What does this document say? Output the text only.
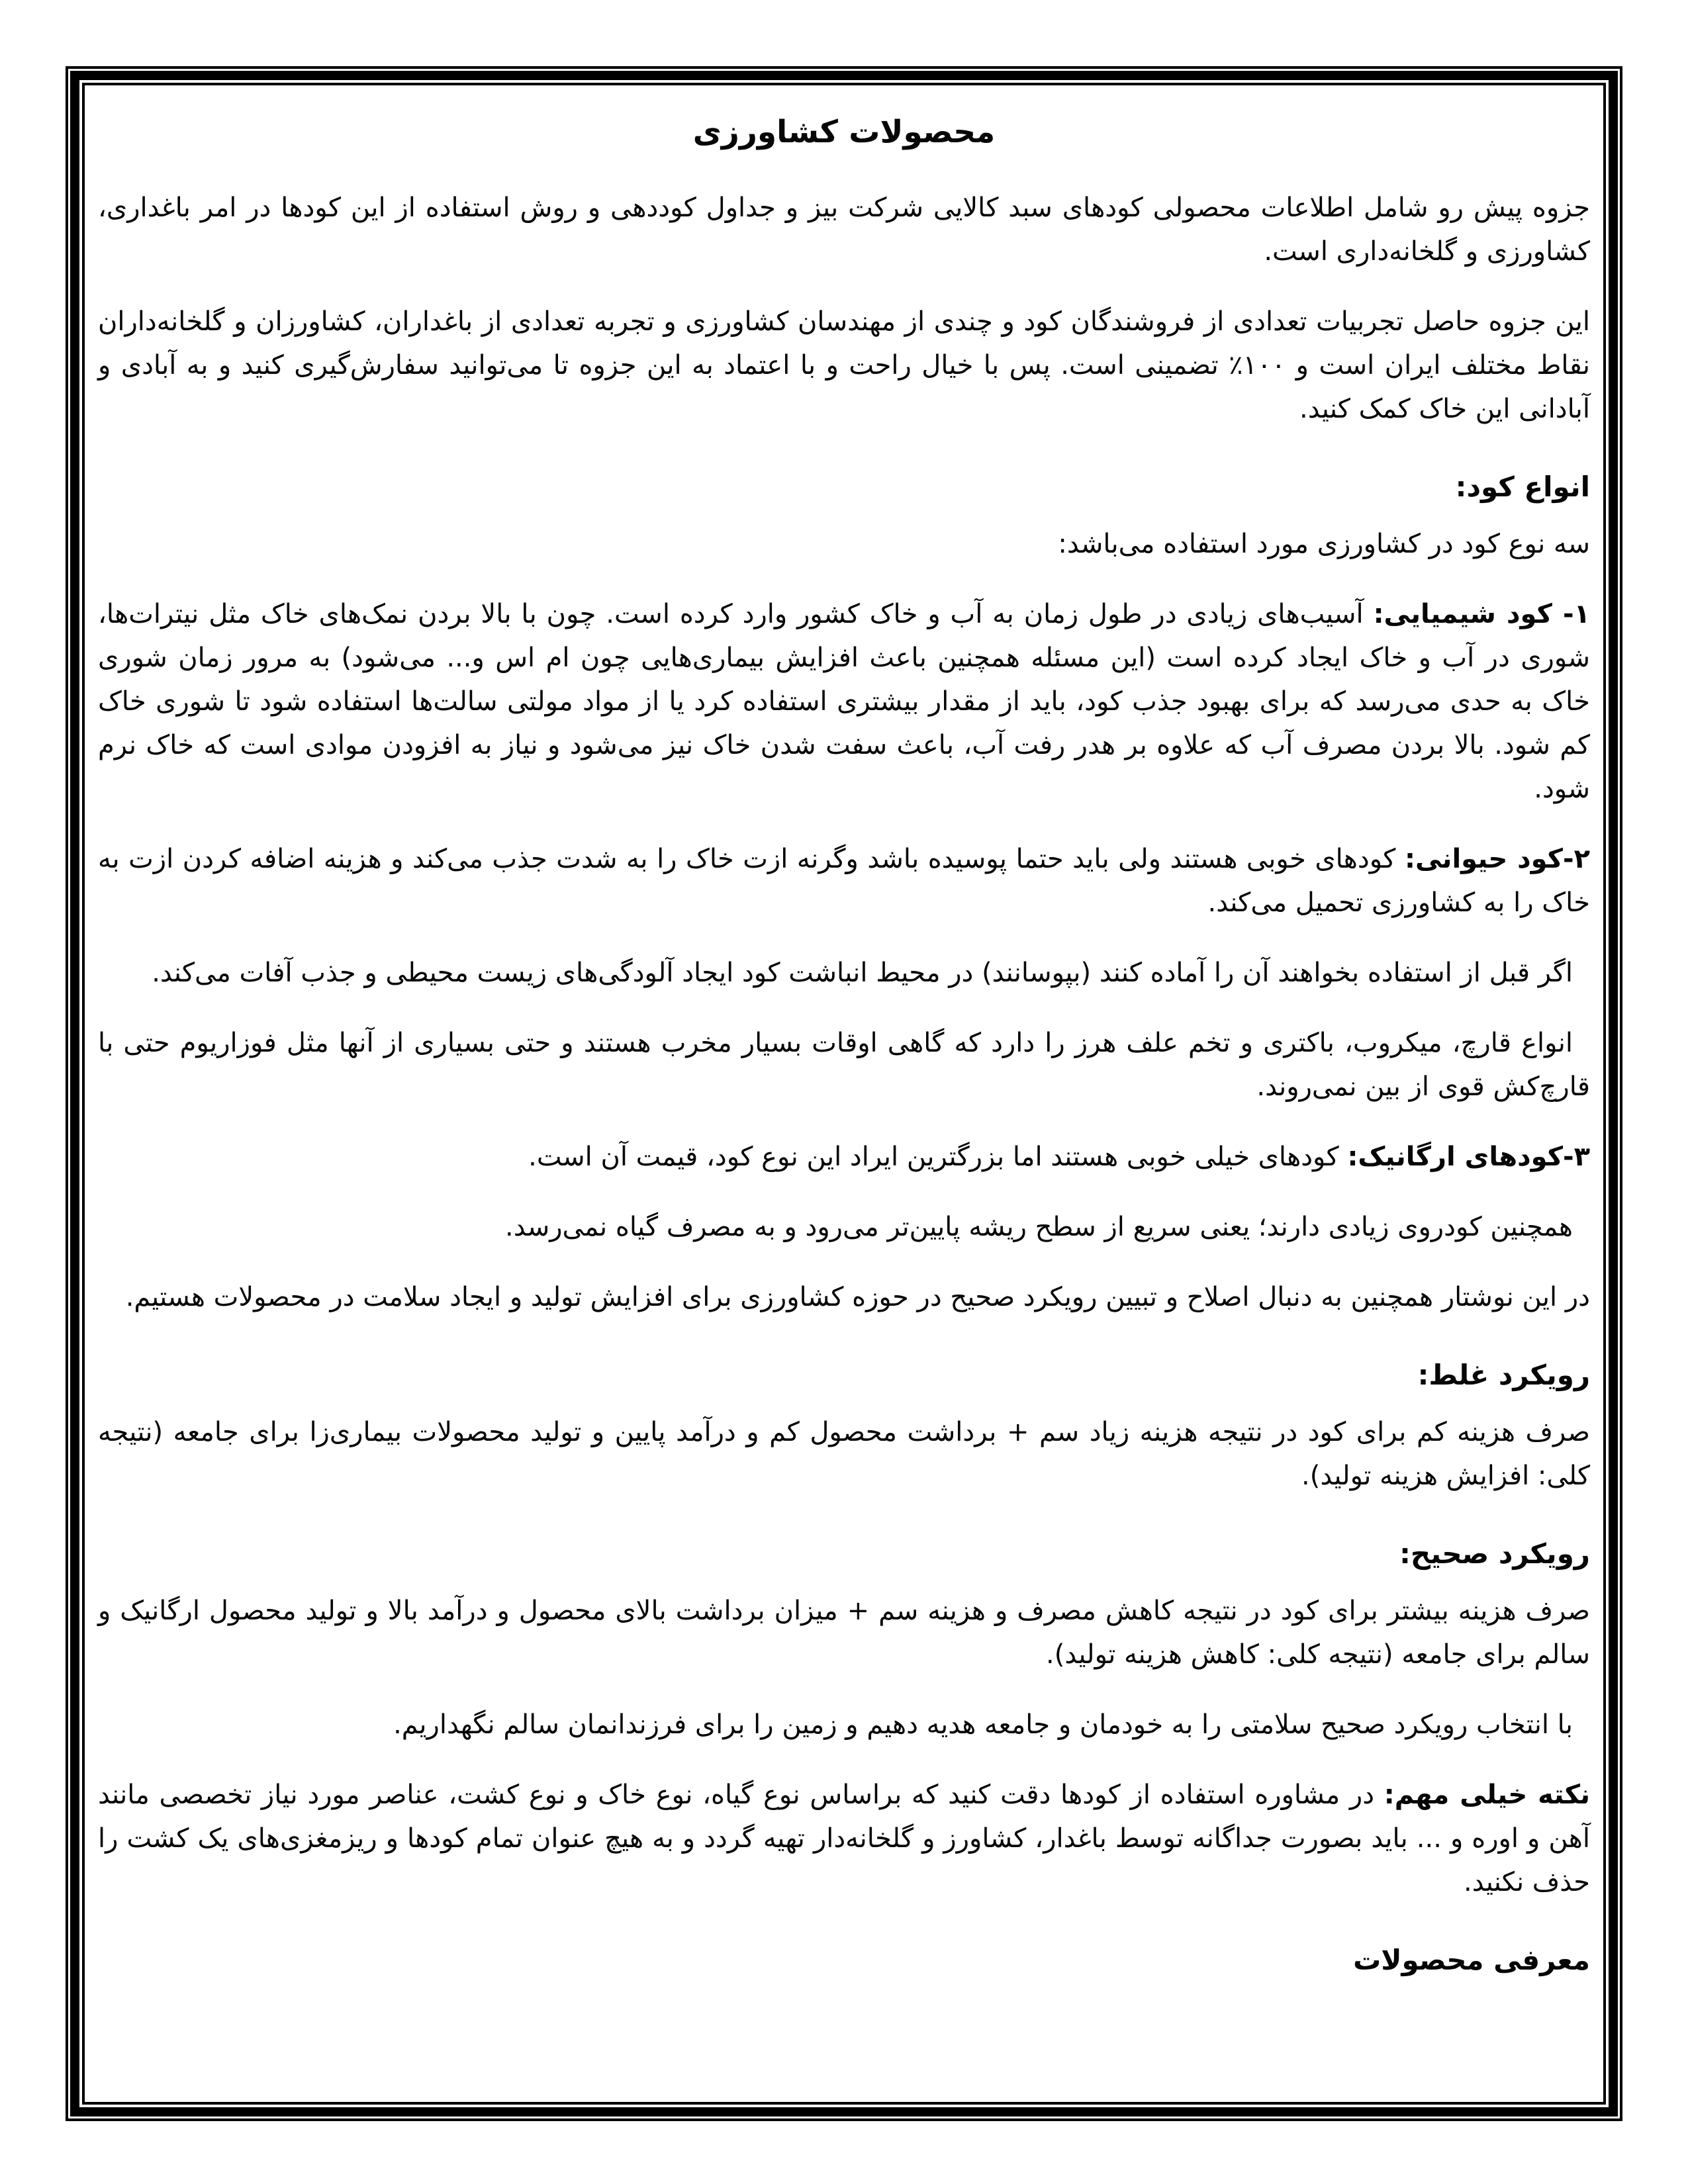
محصولات کشاورزی

جزوه پیش رو شامل اطلاعات محصولی کودهای سبد کالایی شرکت بیز و جداول کوددهی و روش استفاده از این کودها در امر باغداری، کشاورزی و گلخانه‌داری است.

این جزوه حاصل تجربیات تعدادی از فروشندگان کود و چندی از مهندسان کشاورزی و تجربه تعدادی از باغداران، کشاورزان و گلخانه‌داران نقاط مختلف ایران است و ۱۰۰٪ تضمینی است. پس با خیال راحت و با اعتماد به این جزوه تا می‌توانید سفارش‌گیری کنید و به آبادی و آبادانی این خاک کمک کنید.

انواع کود:

سه نوع کود در کشاورزی مورد استفاده می‌باشد:

۱- کود شیمیایی: آسیب‌های زیادی در طول زمان به آب و خاک کشور وارد کرده است. چون با بالا بردن نمک‌های خاک مثل نیترات‌ها، شوری در آب و خاک ایجاد کرده است (این مسئله همچنین باعث افزایش بیماری‌هایی چون ام اس و... می‌شود) به مرور زمان شوری خاک به حدی می‌رسد که برای بهبود جذب کود، باید از مقدار بیشتری استفاده کرد یا از مواد مولتی سالت‌ها استفاده شود تا شوری خاک کم شود. بالا بردن مصرف آب که علاوه بر هدر رفت آب، باعث سفت شدن خاک نیز می‌شود و نیاز به افزودن موادی است که خاک نرم شود.

۲-کود حیوانی: کودهای خوبی هستند ولی باید حتما پوسیده باشد وگرنه ازت خاک را به شدت جذب می‌کند و هزینه اضافه کردن ازت به خاک را به کشاورزی تحمیل می‌کند.

اگر قبل از استفاده بخواهند آن را آماده کنند (بپوسانند) در محیط انباشت کود ایجاد آلودگی‌های زیست محیطی و جذب آفات می‌کند.

انواع قارچ، میکروب، باکتری و تخم علف هرز را دارد که گاهی اوقات بسیار مخرب هستند و حتی بسیاری از آنها مثل فوزاریوم حتی با قارچ‌کش قوی از بین نمی‌روند.

۳-کودهای ارگانیک: کودهای خیلی خوبی هستند اما بزرگترین ایراد این نوع کود، قیمت آن است.

همچنین کودروی زیادی دارند؛ یعنی سریع از سطح ریشه پایین‌تر می‌رود و به مصرف گیاه نمی‌رسد.

در این نوشتار همچنین به دنبال اصلاح و تبیین رویکرد صحیح در حوزه کشاورزی برای افزایش تولید و ایجاد سلامت در محصولات هستیم.

رویکرد غلط:

صرف هزینه کم برای کود در نتیجه هزینه زیاد سم + برداشت محصول کم و درآمد پایین و تولید محصولات بیماری‌زا برای جامعه (نتیجه کلی: افزایش هزینه تولید).

رویکرد صحیح:

صرف هزینه بیشتر برای کود در نتیجه کاهش مصرف و هزینه سم + میزان برداشت بالای محصول و درآمد بالا و تولید محصول ارگانیک و سالم برای جامعه (نتیجه کلی: کاهش هزینه تولید).

با انتخاب رویکرد صحیح سلامتی را به خودمان و جامعه هدیه دهیم و زمین را برای فرزندانمان سالم نگهداریم.

نکته خیلی مهم: در مشاوره استفاده از کودها دقت کنید که براساس نوع گیاه، نوع خاک و نوع کشت، عناصر مورد نیاز تخصصی مانند آهن و اوره و ... باید بصورت جداگانه توسط باغدار، کشاورز و گلخانه‌دار تهیه گردد و به هیچ عنوان تمام کودها و ریزمغزی‌های یک کشت را حذف نکنید.

معرفی محصولات
